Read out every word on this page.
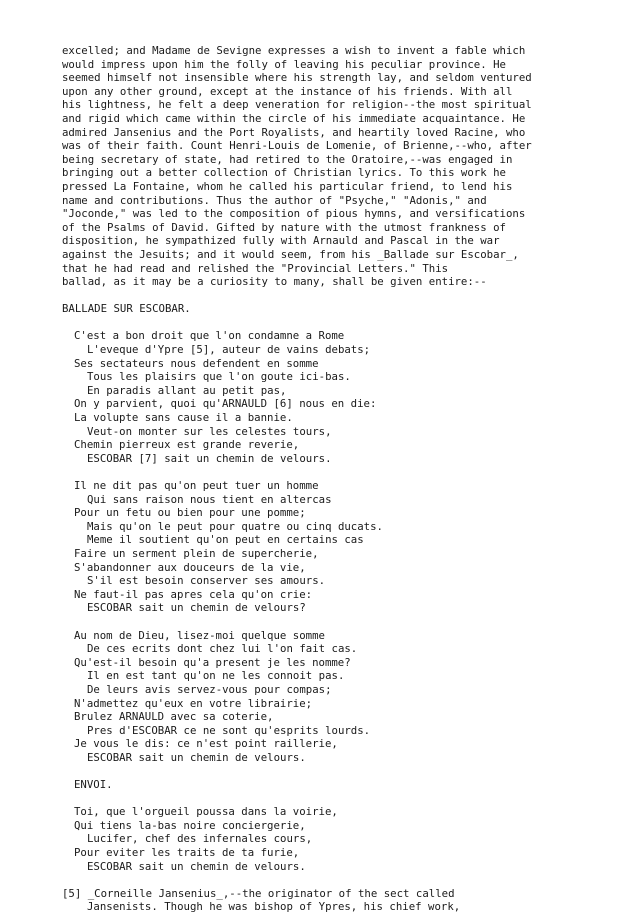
excelled; and Madame de Sevigne expresses a wish to invent a fable which
would impress upon him the folly of leaving his peculiar province. He
seemed himself not insensible where his strength lay, and seldom ventured
upon any other ground, except at the instance of his friends. With all
his lightness, he felt a deep veneration for religion--the most spiritual
and rigid which came within the circle of his immediate acquaintance. He
admired Jansenius and the Port Royalists, and heartily loved Racine, who
was of their faith. Count Henri-Louis de Lomenie, of Brienne,--who, after
being secretary of state, had retired to the Oratoire,--was engaged in
bringing out a better collection of Christian lyrics. To this work he
pressed La Fontaine, whom he called his particular friend, to lend his
name and contributions. Thus the author of "Psyche," "Adonis," and
"Joconde," was led to the composition of pious hymns, and versifications
of the Psalms of David. Gifted by nature with the utmost frankness of
disposition, he sympathized fully with Arnauld and Pascal in the war
against the Jesuits; and it would seem, from his _Ballade sur Escobar_,
that he had read and relished the "Provincial Letters." This
ballad, as it may be a curiosity to many, shall be given entire:--
BALLADE SUR ESCOBAR.
C'est a bon droit que l'on condamne a Rome
L'eveque d'Ypre [5], auteur de vains debats;
Ses sectateurs nous defendent en somme
Tous les plaisirs que l'on goute ici-bas.
En paradis allant au petit pas,
On y parvient, quoi qu'ARNAULD [6] nous en die:
La volupte sans cause il a bannie.
Veut-on monter sur les celestes tours,
Chemin pierreux est grande reverie,
ESCOBAR [7] sait un chemin de velours.
Il ne dit pas qu'on peut tuer un homme
Qui sans raison nous tient en altercas
Pour un fetu ou bien pour une pomme;
Mais qu'on le peut pour quatre ou cinq ducats.
Meme il soutient qu'on peut en certains cas
Faire un serment plein de supercherie,
S'abandonner aux douceurs de la vie,
S'il est besoin conserver ses amours.
Ne faut-il pas apres cela qu'on crie:
ESCOBAR sait un chemin de velours?
Au nom de Dieu, lisez-moi quelque somme
De ces ecrits dont chez lui l'on fait cas.
Qu'est-il besoin qu'a present je les nomme?
Il en est tant qu'on ne les connoit pas.
De leurs avis servez-vous pour compas;
N'admettez qu'eux en votre librairie;
Brulez ARNAULD avec sa coterie,
Pres d'ESCOBAR ce ne sont qu'esprits lourds.
Je vous le dis: ce n'est point raillerie,
ESCOBAR sait un chemin de velours.
ENVOI.
Toi, que l'orgueil poussa dans la voirie,
Qui tiens la-bas noire conciergerie,
Lucifer, chef des infernales cours,
Pour eviter les traits de ta furie,
ESCOBAR sait un chemin de velours.
[5] _Corneille Jansenius_,--the originator of the sect called
Jansenists. Though he was bishop of Ypres, his chief work,
